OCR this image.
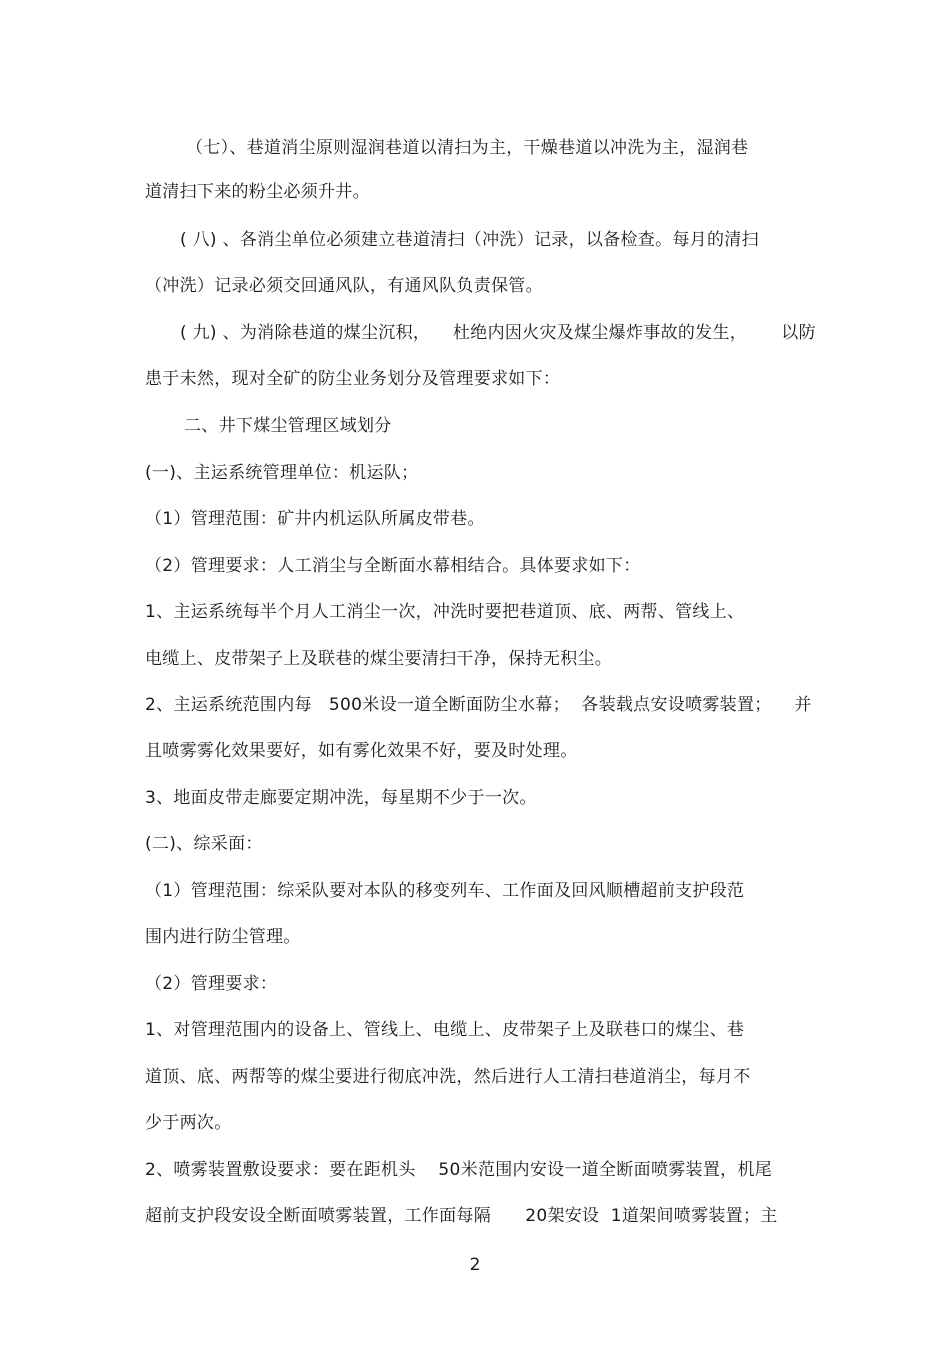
（七）、巷道消尘原则湿润巷道以清扫为主，干燥巷道以冲洗为主，湿润巷
道清扫下来的粉尘必须升井。
( 八) 、各消尘单位必须建立巷道清扫（冲洗）记录，以备检查。每月的清扫
（冲洗）记录必须交回通风队，有通风队负责保管。
( 九) 、为消除巷道的煤尘沉积，    杜绝内因火灾及煤尘爆炸事故的发生，      以防
患于未然，现对全矿的防尘业务划分及管理要求如下：
二、井下煤尘管理区域划分
(一)、主运系统管理单位：机运队；
（1）管理范围：矿井内机运队所属皮带巷。
（2）管理要求：人工消尘与全断面水幕相结合。具体要求如下：
1、主运系统每半个月人工消尘一次，冲洗时要把巷道顶、底、两帮、管线上、
电缆上、皮带架子上及联巷的煤尘要清扫干净，保持无积尘。
2、主运系统范围内每   500米设一道全断面防尘水幕；  各装载点安设喷雾装置；    并
且喷雾雾化效果要好，如有雾化效果不好，要及时处理。
3、地面皮带走廊要定期冲洗，每星期不少于一次。
(二)、综采面：
（1）管理范围：综采队要对本队的移变列车、工作面及回风顺槽超前支护段范
围内进行防尘管理。
（2）管理要求：
1、对管理范围内的设备上、管线上、电缆上、皮带架子上及联巷口的煤尘、巷
道顶、底、两帮等的煤尘要进行彻底冲洗，然后进行人工清扫巷道消尘，每月不
少于两次。
2、喷雾装置敷设要求：要在距机头    50米范围内安设一道全断面喷雾装置，机尾
超前支护段安设全断面喷雾装置，工作面每隔      20架安设  1道架间喷雾装置；主
2
